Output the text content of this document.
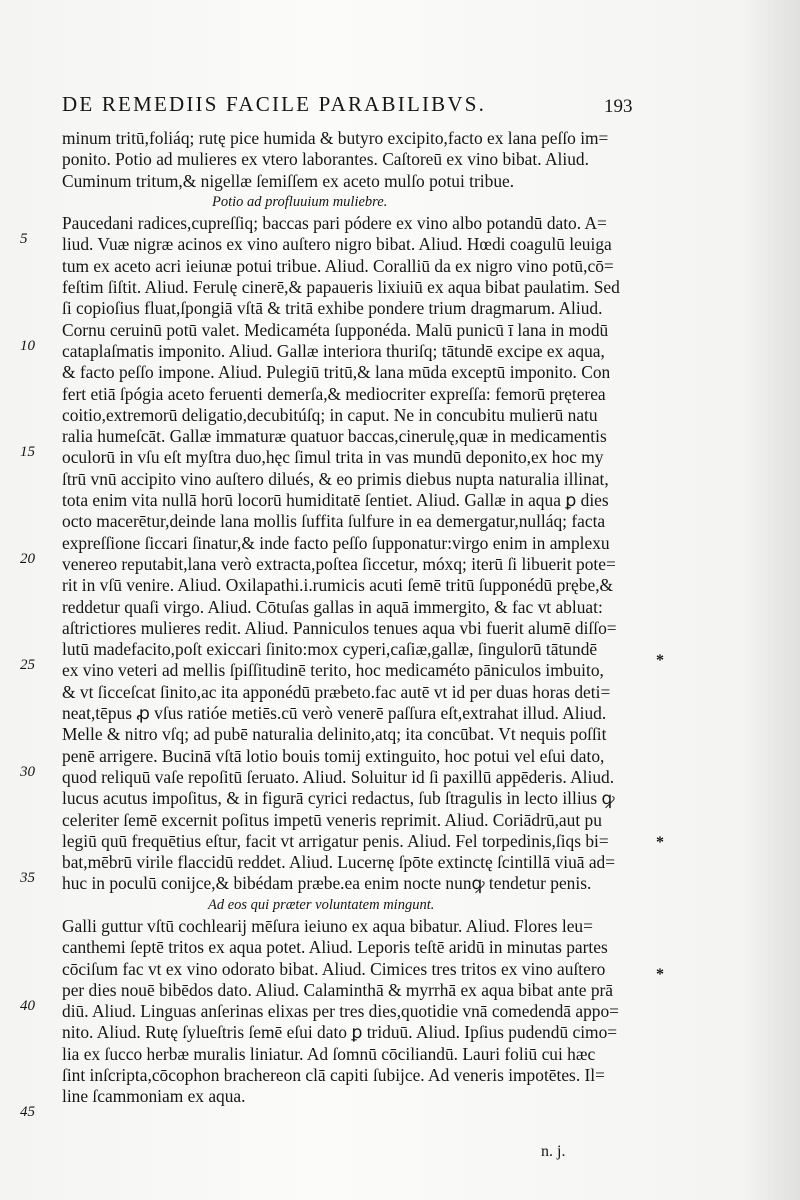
DE REMEDIIS FACILE PARABILIBVS.	193
minum tritū,foliáq; rutę pice humida & butyro excipito,facto ex lana peſſo im=
ponito. Potio ad mulieres ex vtero laborantes. Caſtoreū ex vino bibat. Aliud.
Cuminum tritum,& nigellæ ſemiſſem ex aceto mulſo potui tribue.
Potio ad profluuium muliebre.
Paucedani radices,cupreſſiq; baccas pari pódere ex vino albo potandū dato. A=
liud. Vuæ nigræ acinos ex vino auſtero nigro bibat. Aliud. Hœdi coagulū leuiga
tum ex aceto acri ieiunæ potui tribue. Aliud. Coralliū da ex nigro vino potū,cō=
feſtim ſiſtit. Aliud. Ferulę cinerē,& papaueris lixiuiū ex aqua bibat paulatim. Sed
ſi copioſius fluat,ſpongiā vſtā & tritā exhibe pondere trium dragmarum. Aliud.
Cornu ceruinū potū valet. Medicaméta ſupponéda. Malū punicū ī lana in modū
cataplaſmatis imponito. Aliud. Gallæ interiora thuriſq; tātundē excipe ex aqua,
& facto peſſo impone. Aliud. Pulegiū tritū,& lana mūda exceptū imponito. Con
fert etiā ſpógia aceto feruenti demerſa,& mediocriter expreſſa: femorū pręterea
coitio,extremorū deligatio,decubitúſq; in caput. Ne in concubitu mulierū natu
ralia humeſcāt. Gallæ immaturæ quatuor baccas,cinerulę,quæ in medicamentis
oculorū in vſu eſt myſtra duo,hęc ſimul trita in vas mundū deponito,ex hoc my
ſtrū vnū accipito vino auſtero dilués, & eo primis diebus nupta naturalia illinat,
tota enim vita nullā horū locorū humiditatē ſentiet. Aliud. Gallæ in aqua ꝑ dies
octo macerētur,deinde lana mollis ſuffita ſulfure in ea demergatur,nulláq; facta
expreſſione ſiccari ſinatur,& inde facto peſſo ſupponatur:virgo enim in amplexu
venereo reputabit,lana verò extracta,poſtea ſiccetur, móxq; iterū ſi libuerit pote=
rit in vſū venire. Aliud. Oxilapathi.i.rumicis acuti ſemē tritū ſupponédū prębe,&
reddetur quaſi virgo. Aliud. Cōtuſas gallas in aquā immergito, & fac vt abluat:
aſtrictiores mulieres redit. Aliud. Panniculos tenues aqua vbi fuerit alumē diſſo=
lutū madefacito,poſt exiccari ſinito:mox cyperi,caſiæ,gallæ, ſingulorū tātundē
ex vino veteri ad mellis ſpiſſitudinē terito, hoc medicaméto pāniculos imbuito,
& vt ſicceſcat ſinito,ac ita apponédū præbeto.fac autē vt id per duas horas deti=
neat,tēpus ꝓ vſus ratióe metiēs.cū verò venerē paſſura eſt,extrahat illud. Aliud.
Melle & nitro vſq; ad pubē naturalia delinito,atq; ita concūbat. Vt nequis poſſit
penē arrigere. Bucinā vſtā lotio bouis tomij extinguito, hoc potui vel eſui dato,
quod reliquū vaſe repoſitū ſeruato. Aliud. Soluitur id ſi paxillū appēderis. Aliud.
lucus acutus impoſitus, & in figurā cyrici redactus, ſub ſtragulis in lecto illius ꝙ
celeriter ſemē excernit poſitus impetū veneris reprimit. Aliud. Coriādrū,aut pu
legiū quū frequētius eſtur, facit vt arrigatur penis. Aliud. Fel torpedinis,ſiqs bi=
bat,mēbrū virile flaccidū reddet. Aliud. Lucernę ſpōte extinctę ſcintillā viuā ad=
huc in poculū conijce,& bibédam præbe.ea enim nocte nunꝙ tendetur penis.
Ad eos qui præter voluntatem mingunt.
Galli guttur vſtū cochlearij mēſura ieiuno ex aqua bibatur. Aliud. Flores leu=
canthemi ſeptē tritos ex aqua potet. Aliud. Leporis teſtē aridū in minutas partes
cōciſum fac vt ex vino odorato bibat. Aliud. Cimices tres tritos ex vino auſtero
per dies nouē bibēdos dato. Aliud. Calaminthā & myrrhā ex aqua bibat ante prā
diū. Aliud. Linguas anſerinas elixas per tres dies,quotidie vnā comedendā appo=
nito. Aliud. Rutę ſylueſtris ſemē eſui dato ꝑ triduū. Aliud. Ipſius pudendū cimo=
lia ex ſucco herbæ muralis liniatur. Ad ſomnū cōciliandū. Lauri foliū cui hæc
ſint inſcripta,cōcophon brachereon clā capiti ſubijce. Ad veneris impotētes. Il=
line ſcammoniam ex aqua.
5
10
15
20
25
30
35
40
45
*
*
*
n. j.
